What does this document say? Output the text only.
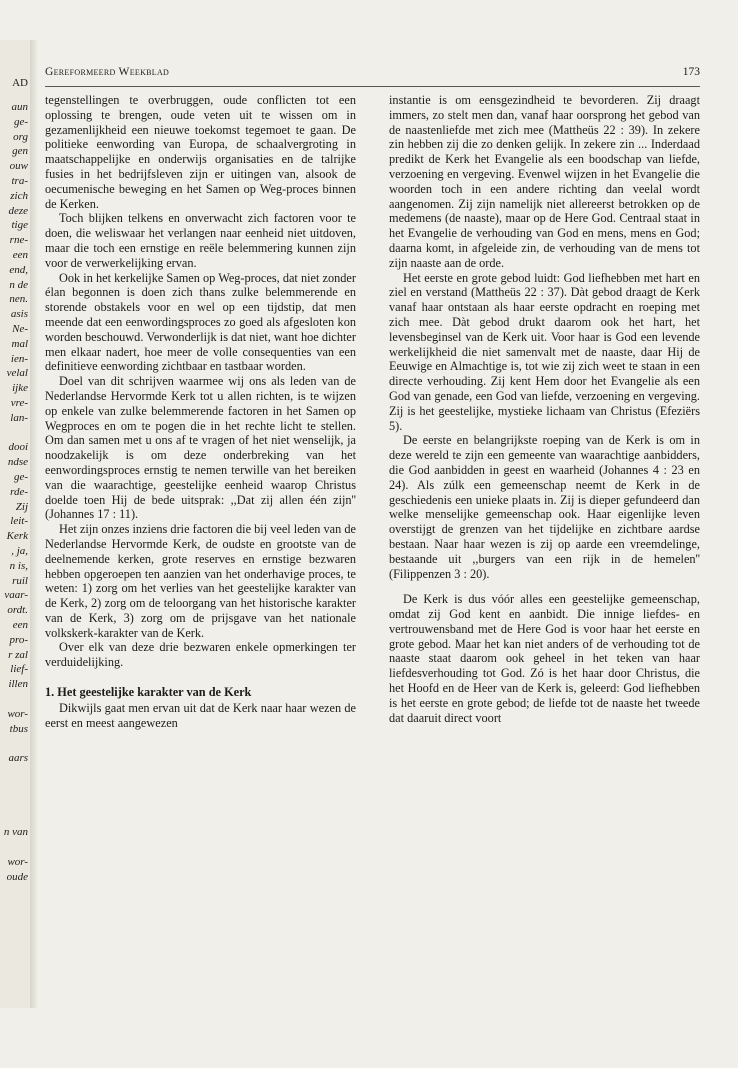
AD
aun
ge-
org
gen
ouw
tra-
zich
deze
tige
rne-
een
end,
n de
nen.
asis
Ne-
mal
ien-
velal
ijke
vre-
lan-
dooi
ndse
ge-
rde-
Zij
leit-
Kerk
, ja,
n is,
ruil
vaar-
ordt.
een
pro-
r zal
lief-
illen
wor-
tbus
aars
n van
wor-
oude
Gereformeerd Weekblad	173

tegenstellingen te overbruggen, oude conflicten tot een oplossing te brengen, oude veten uit te wissen om in gezamenlijkheid een nieuwe toekomst tegemoet te gaan. De politieke eenwording van Europa, de schaalvergroting in maatschappelijke en onderwijs organisaties en de talrijke fusies in het bedrijfsleven zijn er uitingen van, alsook de oecumenische beweging en het Samen op Weg-proces binnen de Kerken.

Toch blijken telkens en onverwacht zich factoren voor te doen, die weliswaar het verlangen naar eenheid niet uitdoven, maar die toch een ernstige en reële belemmering kunnen zijn voor de verwerkelijking ervan.

Ook in het kerkelijke Samen op Weg-proces, dat niet zonder élan begonnen is doen zich thans zulke belemmerende en storende obstakels voor en wel op een tijdstip, dat men meende dat een eenwordingsproces zo goed als afgesloten kon worden beschouwd. Verwonderlijk is dat niet, want hoe dichter men elkaar nadert, hoe meer de volle consequenties van een definitieve eenwording zichtbaar en tastbaar worden.

Doel van dit schrijven waarmee wij ons als leden van de Nederlandse Hervormde Kerk tot u allen richten, is te wijzen op enkele van zulke belemmerende factoren in het Samen op Wegproces en om te pogen die in het rechte licht te stellen. Om dan samen met u ons af te vragen of het niet wenselijk, ja noodzakelijk is om deze onderbreking van het eenwordingsproces ernstig te nemen terwille van het bereiken van die waarachtige, geestelijke eenheid waarop Christus doelde toen Hij de bede uitsprak: ,,Dat zij allen één zijn'' (Johannes 17 : 11).

Het zijn onzes inziens drie factoren die bij veel leden van de Nederlandse Hervormde Kerk, de oudste en grootste van de deelnemende kerken, grote reserves en ernstige bezwaren hebben opgeroepen ten aanzien van het onderhavige proces, te weten: 1) zorg om het verlies van het geestelijke karakter van de Kerk, 2) zorg om de teloorgang van het historische karakter van de Kerk, 3) zorg om de prijsgave van het nationale volkskerk-karakter van de Kerk.

Over elk van deze drie bezwaren enkele opmerkingen ter verduidelijking.

1. Het geestelijke karakter van de Kerk

Dikwijls gaat men ervan uit dat de Kerk naar haar wezen de eerst en meest aangewezen

instantie is om eensgezindheid te bevorderen. Zij draagt immers, zo stelt men dan, vanaf haar oorsprong het gebod van de naastenliefde met zich mee (Mattheüs 22 : 39). In zekere zin hebben zij die zo denken gelijk. In zekere zin ... Inderdaad predikt de Kerk het Evangelie als een boodschap van liefde, verzoening en vergeving. Evenwel wijzen in het Evangelie die woorden toch in een andere richting dan veelal wordt aangenomen. Zij zijn namelijk niet allereerst betrokken op de medemens (de naaste), maar op de Here God. Centraal staat in het Evangelie de verhouding van God en mens, mens en God; daarna komt, in afgeleide zin, de verhouding van de mens tot zijn naaste aan de orde.

Het eerste en grote gebod luidt: God liefhebben met hart en ziel en verstand (Mattheüs 22 : 37). Dàt gebod draagt de Kerk vanaf haar ontstaan als haar eerste opdracht en roeping met zich mee. Dàt gebod drukt daarom ook het hart, het levensbeginsel van de Kerk uit. Voor haar is God een levende werkelijkheid die niet samenvalt met de naaste, daar Hij de Eeuwige en Almachtige is, tot wie zij zich weet te staan in een directe verhouding. Zij kent Hem door het Evangelie als een God van genade, een God van liefde, verzoening en vergeving. Zij is het geestelijke, mystieke lichaam van Christus (Efeziërs 5).

De eerste en belangrijkste roeping van de Kerk is om in deze wereld te zijn een gemeente van waarachtige aanbidders, die God aanbidden in geest en waarheid (Johannes 4 : 23 en 24). Als zúlk een gemeenschap neemt de Kerk in de geschiedenis een unieke plaats in. Zij is dieper gefundeerd dan welke menselijke gemeenschap ook. Haar eigenlijke leven overstijgt de grenzen van het tijdelijke en zichtbare aardse bestaan. Naar haar wezen is zij op aarde een vreemdelinge, bestaande uit ,,burgers van een rijk in de hemelen'' (Filippenzen 3 : 20).

De Kerk is dus vóór alles een geestelijke gemeenschap, omdat zij God kent en aanbidt. Die innige liefdes- en vertrouwensband met de Here God is voor haar het eerste en grote gebod. Maar het kan niet anders of de verhouding tot de naaste staat daarom ook geheel in het teken van haar liefdesverhouding tot God. Zó is het haar door Christus, die het Hoofd en de Heer van de Kerk is, geleerd: God liefhebben is het eerste en grote gebod; de liefde tot de naaste het tweede dat daaruit direct voort
